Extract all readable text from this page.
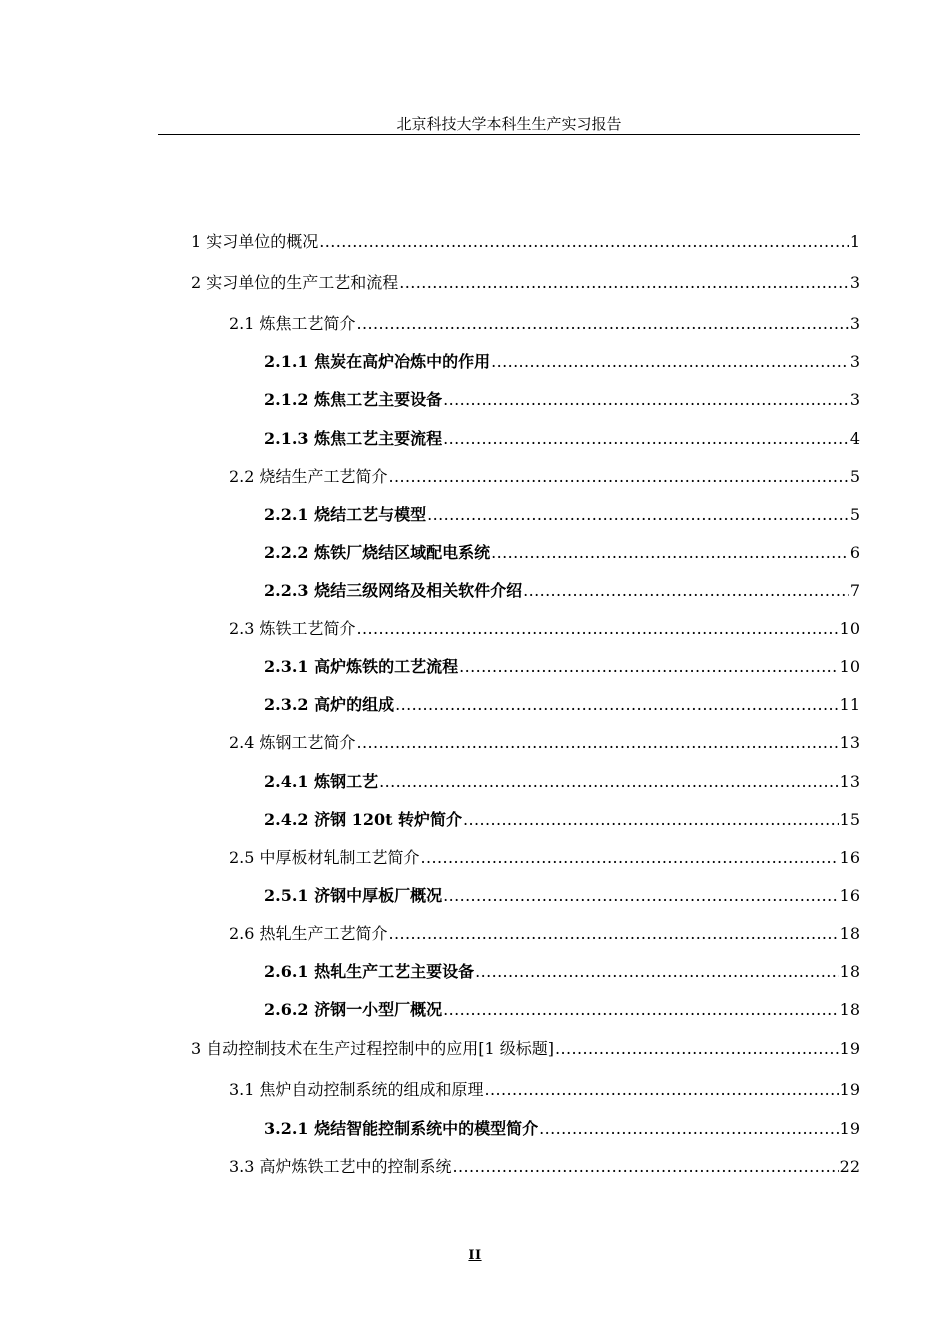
北京科技大学本科生生产实习报告
1 实习单位的概况 .....	1
2 实习单位的生产工艺和流程 .....	3
2.1 炼焦工艺简介 .....	3
2.1.1 焦炭在高炉冶炼中的作用 .....	3
2.1.2 炼焦工艺主要设备 .....	3
2.1.3 炼焦工艺主要流程 .....	4
2.2 烧结生产工艺简介 .....	5
2.2.1 烧结工艺与模型 .....	5
2.2.2 炼铁厂烧结区域配电系统 .....	6
2.2.3 烧结三级网络及相关软件介绍 .....	7
2.3 炼铁工艺简介 .....	10
2.3.1 高炉炼铁的工艺流程 .....	10
2.3.2 高炉的组成 .....	11
2.4 炼钢工艺简介 .....	13
2.4.1 炼钢工艺 .....	13
2.4.2 济钢 120t 转炉简介 .....	15
2.5 中厚板材轧制工艺简介 .....	16
2.5.1 济钢中厚板厂概况 .....	16
2.6 热轧生产工艺简介 .....	18
2.6.1 热轧生产工艺主要设备 .....	18
2.6.2 济钢一小型厂概况 .....	18
3 自动控制技术在生产过程控制中的应用[1 级标题] .....	19
3.1 焦炉自动控制系统的组成和原理 .....	19
3.2.1 烧结智能控制系统中的模型简介 .....	19
3.3 高炉炼铁工艺中的控制系统 .....	22
II
